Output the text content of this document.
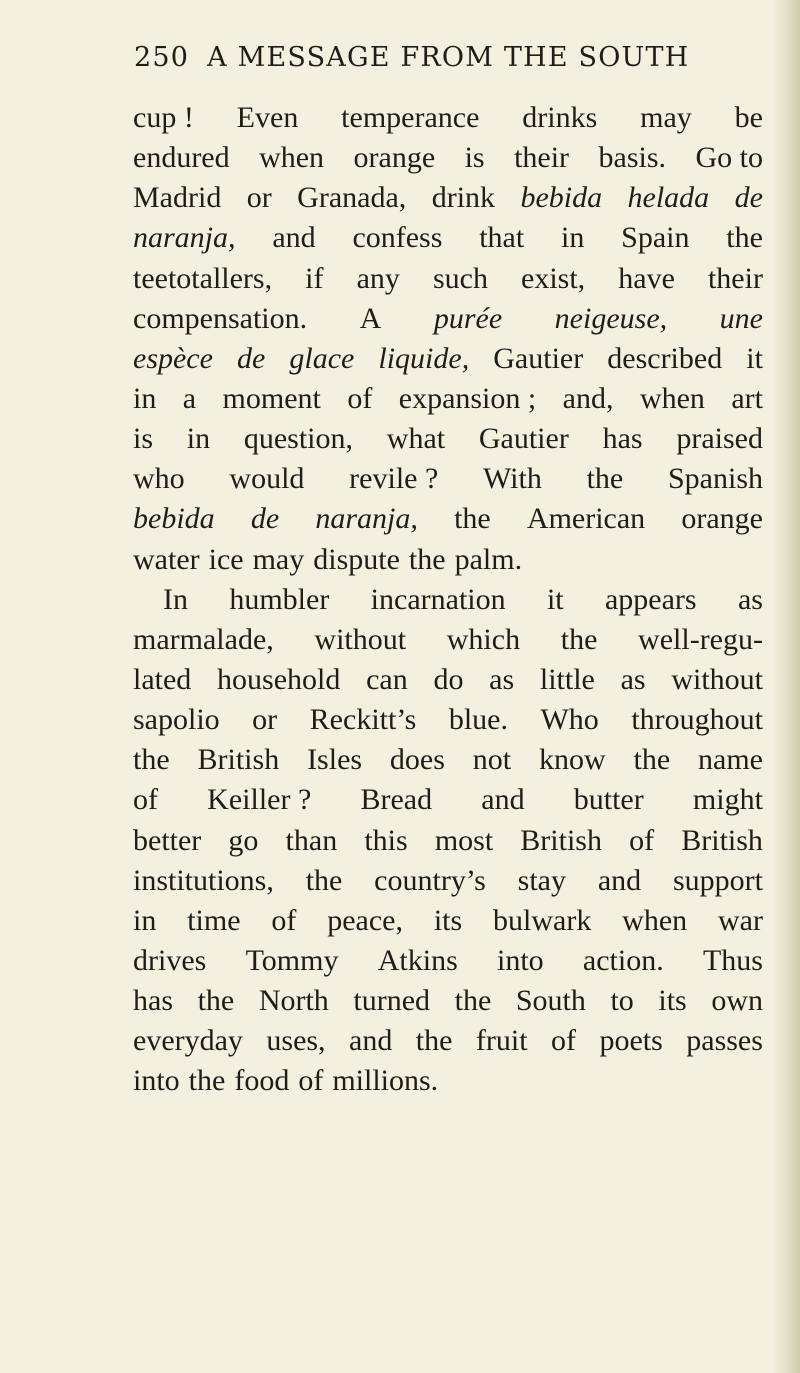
250 A MESSAGE FROM THE SOUTH
cup ! Even temperance drinks may be
endured when orange is their basis. Go to
Madrid or Granada, drink bebida helada de
naranja, and confess that in Spain the
teetotallers, if any such exist, have their
compensation. A purée neigeuse, une
espèce de glace liquide, Gautier described it
in a moment of expansion ; and, when art
is in question, what Gautier has praised
who would revile ? With the Spanish
bebida de naranja, the American orange
water ice may dispute the palm.
In humbler incarnation it appears as
marmalade, without which the well-regu-
lated household can do as little as without
sapolio or Reckitt’s blue. Who throughout
the British Isles does not know the name
of Keiller ? Bread and butter might
better go than this most British of British
institutions, the country’s stay and support
in time of peace, its bulwark when war
drives Tommy Atkins into action. Thus
has the North turned the South to its own
everyday uses, and the fruit of poets passes
into the food of millions.
